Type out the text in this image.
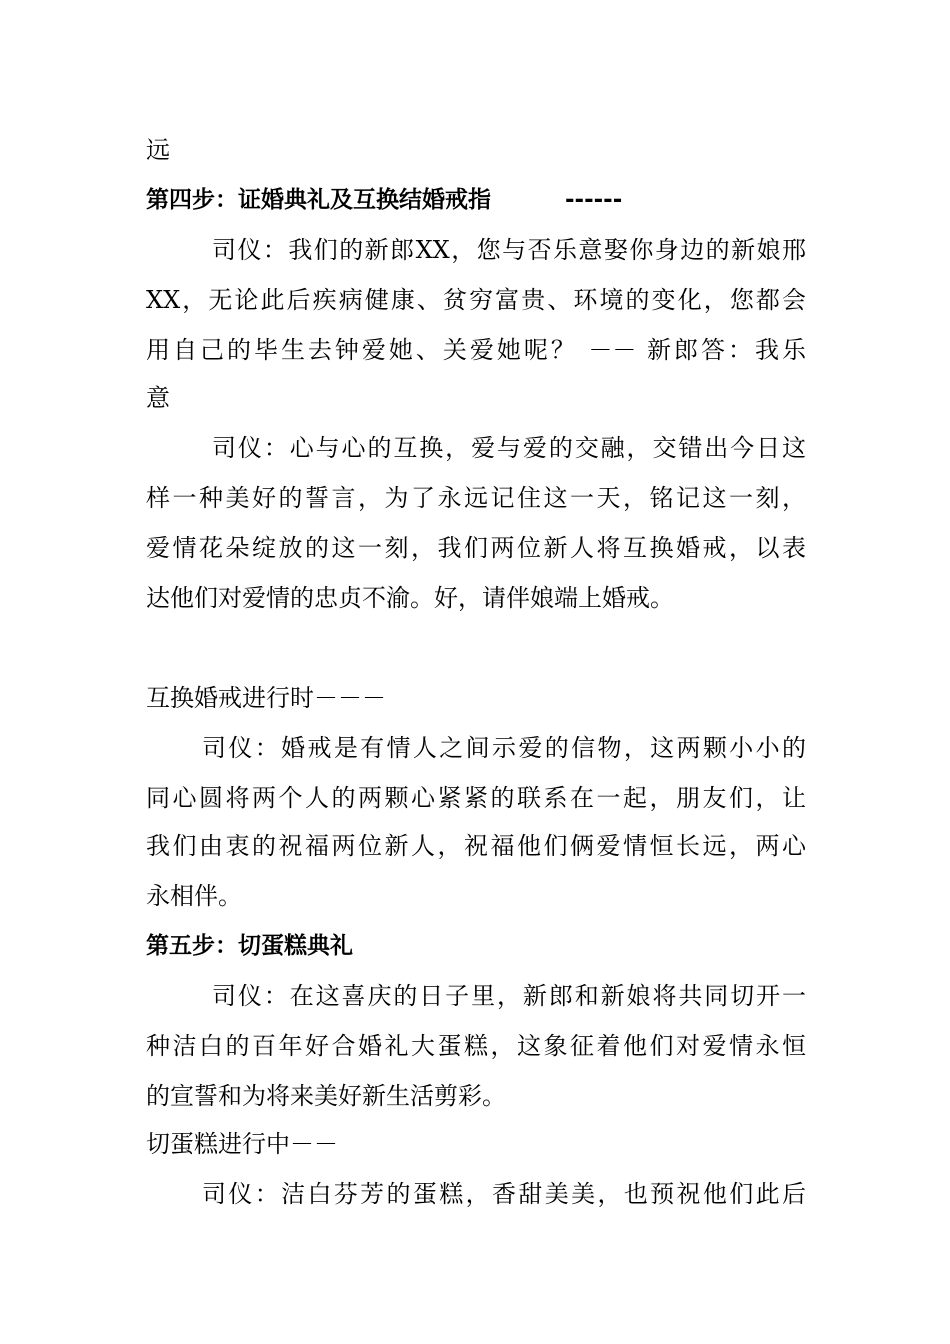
远
第四步：证婚典礼及互换结婚戒指	------
司仪：我们的新郎XX，您与否乐意娶你身边的新娘邢
XX，无论此后疾病健康、贫穷富贵、环境的变化，您都会
用自己的毕生去钟爱她、关爱她呢？ －－ 新郎答：我乐
意
司仪：心与心的互换，爱与爱的交融，交错出今日这
样一种美好的誓言，为了永远记住这一天，铭记这一刻，
爱情花朵绽放的这一刻，我们两位新人将互换婚戒，以表
达他们对爱情的忠贞不渝。好，请伴娘端上婚戒。
互换婚戒进行时－－－
司仪：婚戒是有情人之间示爱的信物，这两颗小小的
同心圆将两个人的两颗心紧紧的联系在一起，朋友们，让
我们由衷的祝福两位新人，祝福他们俩爱情恒长远，两心
永相伴。
第五步：切蛋糕典礼
司仪：在这喜庆的日子里，新郎和新娘将共同切开一
种洁白的百年好合婚礼大蛋糕，这象征着他们对爱情永恒
的宣誓和为将来美好新生活剪彩。
切蛋糕进行中－－
司仪：洁白芬芳的蛋糕，香甜美美，也预祝他们此后
